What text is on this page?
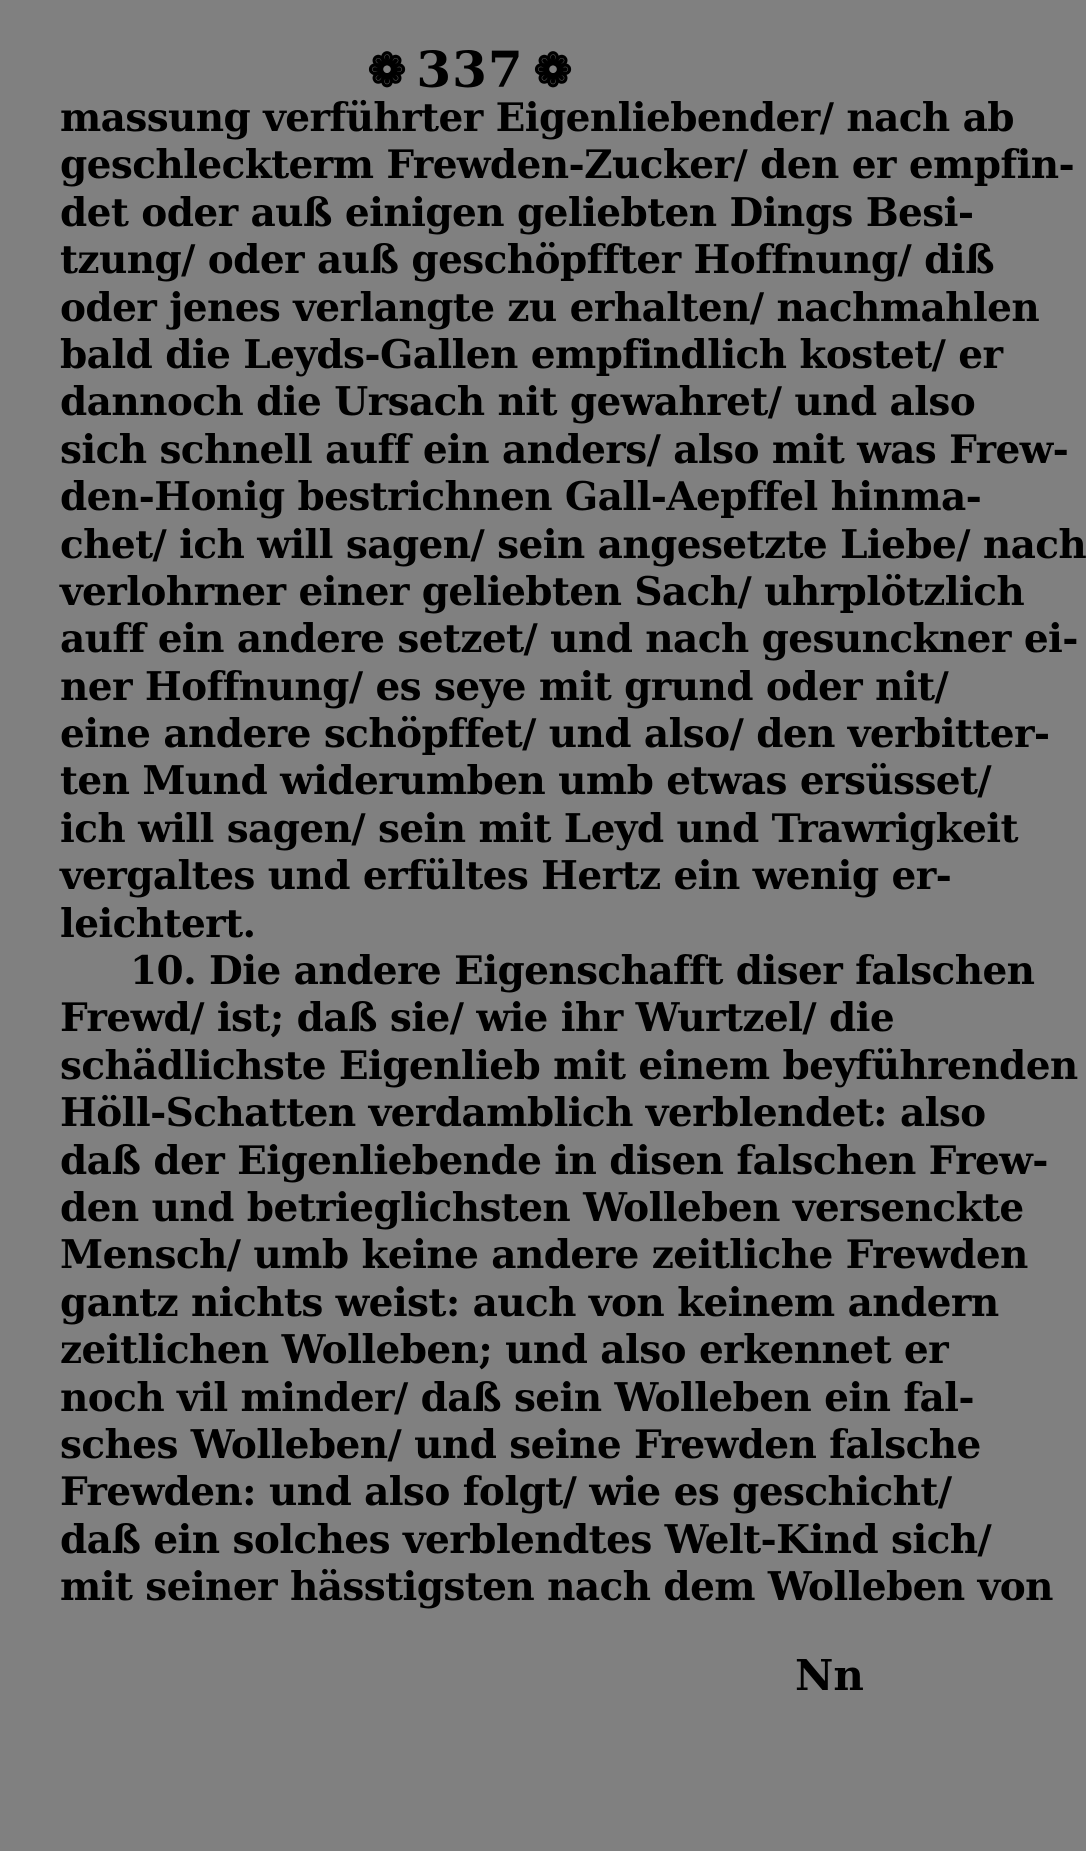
❁ 337 ❁
massung verführter Eigenliebender/ nach ab
geschleckterm Frewden-Zucker/ den er empfin-
det oder auß einigen geliebten Dings Besi-
tzung/ oder auß geschöpffter Hoffnung/ diß
oder jenes verlangte zu erhalten/ nachmahlen
bald die Leyds-Gallen empfindlich kostet/ er
dannoch die Ursach nit gewahret/ und also
sich schnell auff ein anders/ also mit was Frew-
den-Honig bestrichnen Gall-Aepffel hinma-
chet/ ich will sagen/ sein angesetzte Liebe/ nach
verlohrner einer geliebten Sach/ uhrplötzlich
auff ein andere setzet/ und nach gesunckner ei-
ner Hoffnung/ es seye mit grund oder nit/
eine andere schöpffet/ und also/ den verbitter-
ten Mund widerumben umb etwas ersüsset/
ich will sagen/ sein mit Leyd und Trawrigkeit
vergaltes und erfültes Hertz ein wenig er-
leichtert.
10. Die andere Eigenschafft diser falschen
Frewd/ ist; daß sie/ wie ihr Wurtzel/ die
schädlichste Eigenlieb mit einem beyführenden
Höll-Schatten verdamblich verblendet: also
daß der Eigenliebende in disen falschen Frew-
den und betrieglichsten Wolleben versenckte
Mensch/ umb keine andere zeitliche Frewden
gantz nichts weist: auch von keinem andern
zeitlichen Wolleben; und also erkennet er
noch vil minder/ daß sein Wolleben ein fal-
sches Wolleben/ und seine Frewden falsche
Frewden: und also folgt/ wie es geschicht/
daß ein solches verblendtes Welt-Kind sich/
mit seiner hässtigsten nach dem Wolleben von
Nn
